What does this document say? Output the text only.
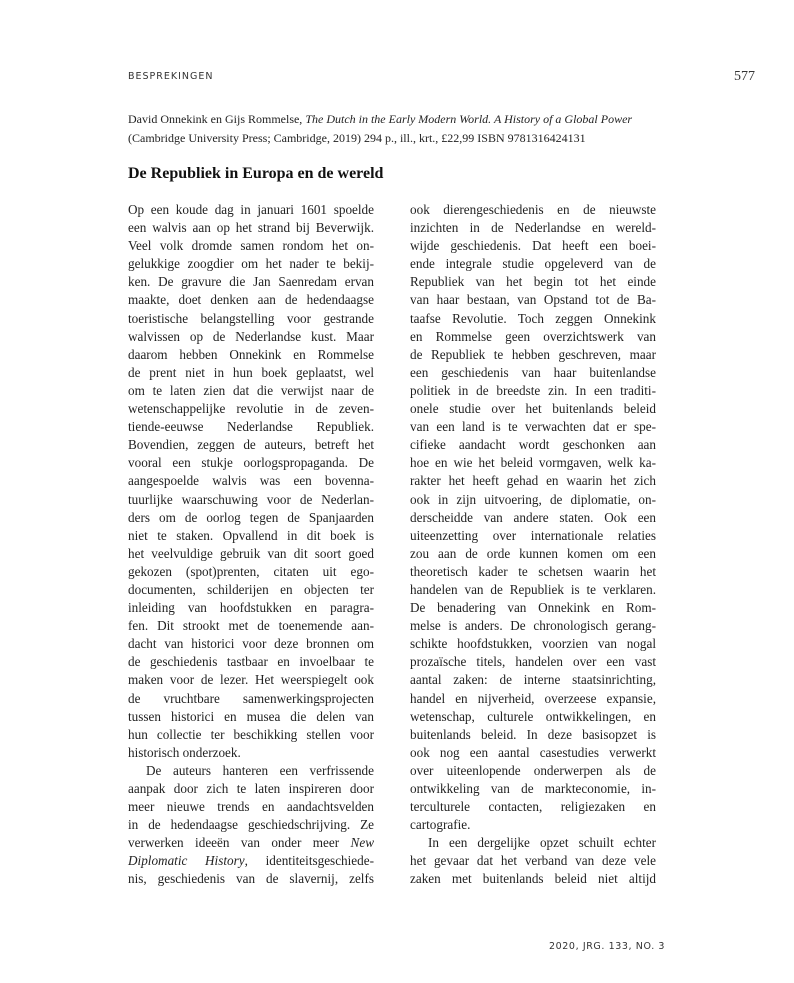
BESPREKINGEN	577
David Onnekink en Gijs Rommelse, The Dutch in the Early Modern World. A History of a Global Power
(Cambridge University Press; Cambridge, 2019) 294 p., ill., krt., £22,99 ISBN 9781316424131
De Republiek in Europa en de wereld
Op een koude dag in januari 1601 spoelde
een walvis aan op het strand bij Beverwijk.
Veel volk dromde samen rondom het on-
gelukkige zoogdier om het nader te bekij-
ken. De gravure die Jan Saenredam ervan
maakte, doet denken aan de hedendaagse
toeristische belangstelling voor gestrande
walvissen op de Nederlandse kust. Maar
daarom hebben Onnekink en Rommelse
de prent niet in hun boek geplaatst, wel
om te laten zien dat die verwijst naar de
wetenschappelijke revolutie in de zeven-
tiende-eeuwse Nederlandse Republiek.
Bovendien, zeggen de auteurs, betreft het
vooral een stukje oorlogspropaganda. De
aangespoelde walvis was een bovenna-
tuurlijke waarschuwing voor de Nederlan-
ders om de oorlog tegen de Spanjaarden
niet te staken. Opvallend in dit boek is
het veelvuldige gebruik van dit soort goed
gekozen (spot)prenten, citaten uit ego-
documenten, schilderijen en objecten ter
inleiding van hoofdstukken en paragra-
fen. Dit strookt met de toenemende aan-
dacht van historici voor deze bronnen om
de geschiedenis tastbaar en invoelbaar te
maken voor de lezer. Het weerspiegelt ook
de vruchtbare samenwerkingsprojecten
tussen historici en musea die delen van
hun collectie ter beschikking stellen voor
historisch onderzoek.
De auteurs hanteren een verfrissende
aanpak door zich te laten inspireren door
meer nieuwe trends en aandachtsvelden
in de hedendaagse geschiedschrijving. Ze
verwerken ideeën van onder meer New
Diplomatic History, identiteitsgeschiede-
nis, geschiedenis van de slavernij, zelfs
ook dierengeschiedenis en de nieuwste
inzichten in de Nederlandse en wereld-
wijde geschiedenis. Dat heeft een boei-
ende integrale studie opgeleverd van de
Republiek van het begin tot het einde
van haar bestaan, van Opstand tot de Ba-
taafse Revolutie. Toch zeggen Onnekink
en Rommelse geen overzichtswerk van
de Republiek te hebben geschreven, maar
een geschiedenis van haar buitenlandse
politiek in de breedste zin. In een traditi-
onele studie over het buitenlands beleid
van een land is te verwachten dat er spe-
cifieke aandacht wordt geschonken aan
hoe en wie het beleid vormgaven, welk ka-
rakter het heeft gehad en waarin het zich
ook in zijn uitvoering, de diplomatie, on-
derscheidde van andere staten. Ook een
uiteenzetting over internationale relaties
zou aan de orde kunnen komen om een
theoretisch kader te schetsen waarin het
handelen van de Republiek is te verklaren.
De benadering van Onnekink en Rom-
melse is anders. De chronologisch gerang-
schikte hoofdstukken, voorzien van nogal
prozaïsche titels, handelen over een vast
aantal zaken: de interne staatsinrichting,
handel en nijverheid, overzeese expansie,
wetenschap, culturele ontwikkelingen, en
buitenlands beleid. In deze basisopzet is
ook nog een aantal casestudies verwerkt
over uiteenlopende onderwerpen als de
ontwikkeling van de markteconomie, in-
terculturele contacten, religiezaken en
cartografie.
In een dergelijke opzet schuilt echter
het gevaar dat het verband van deze vele
zaken met buitenlands beleid niet altijd
2020, JRG. 133, NO. 3
